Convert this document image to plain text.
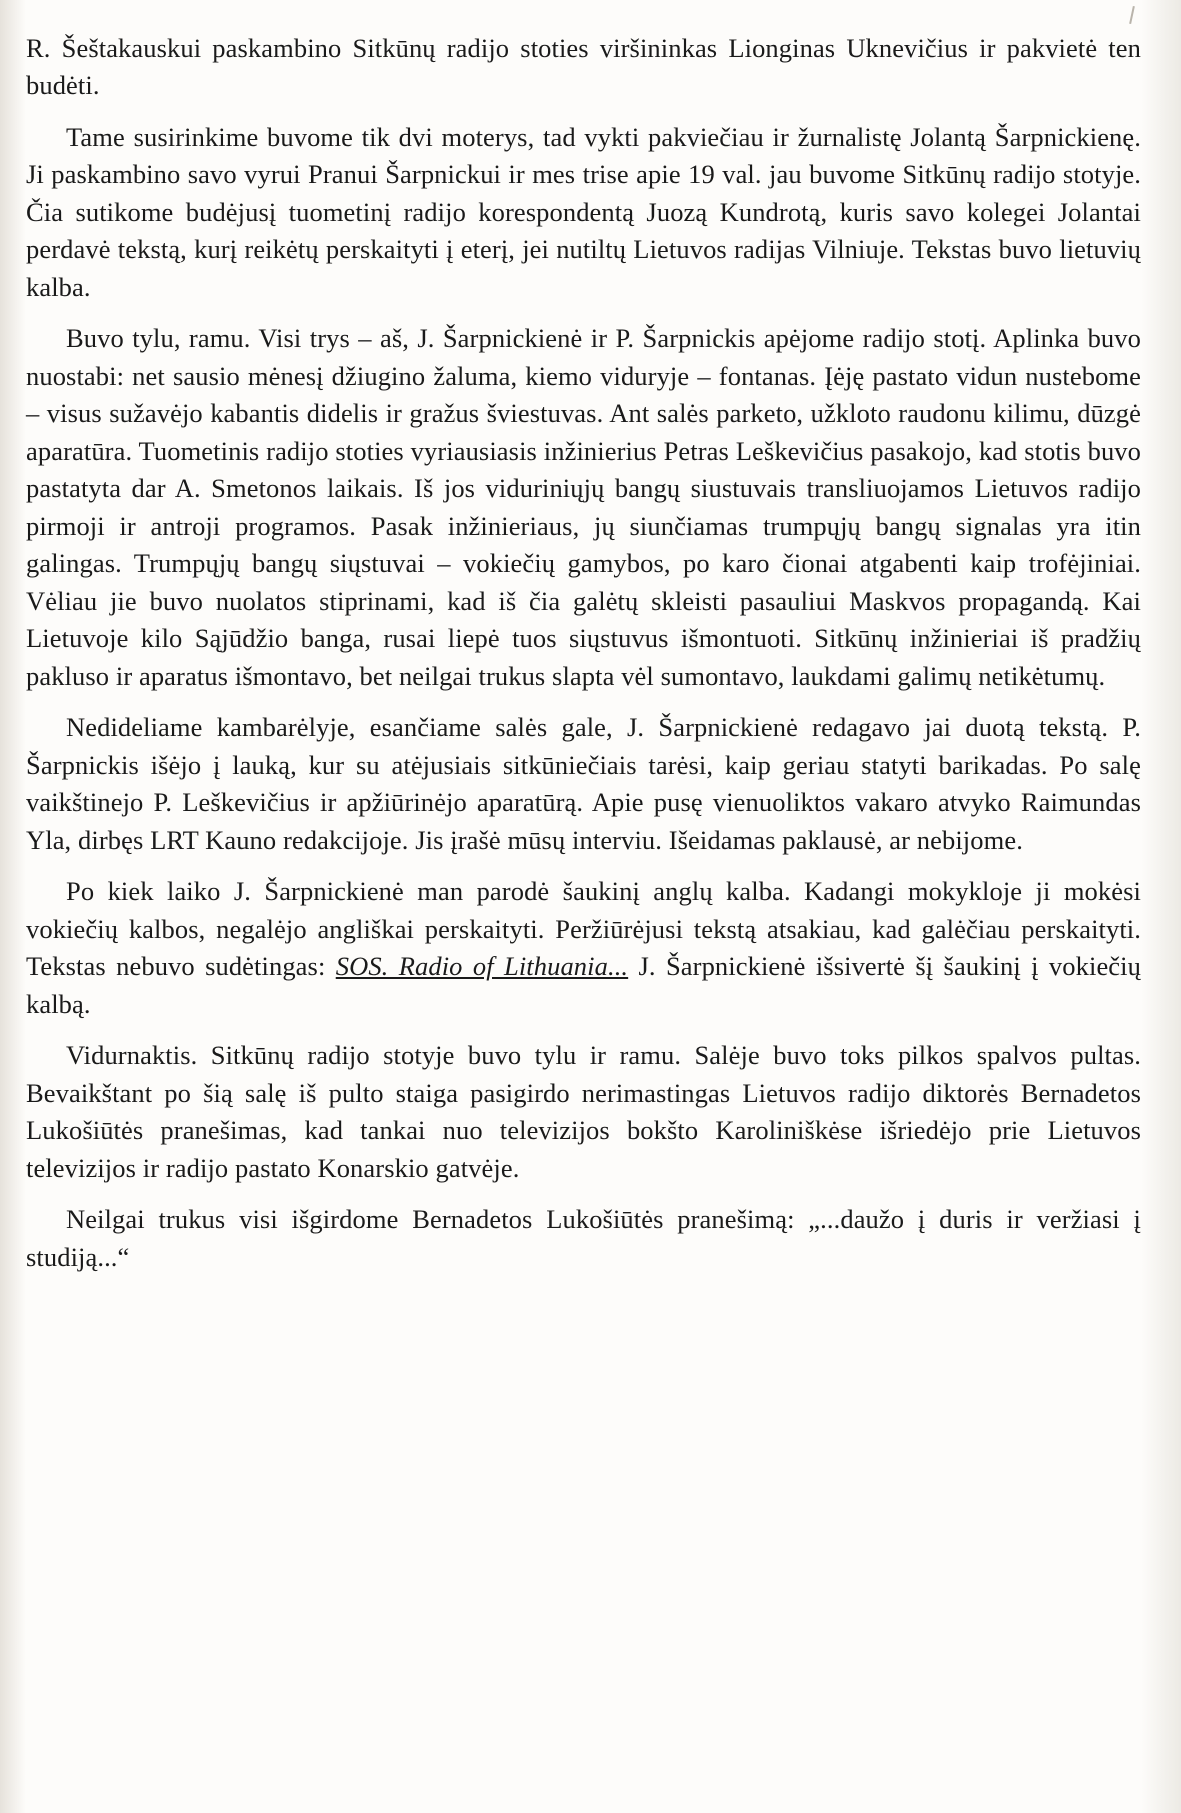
R. Šeštakauskui paskambino Sitkūnų radijo stoties viršininkas Lionginas Uknevičius ir pakvietė ten budėti.

Tame susirinkime buvome tik dvi moterys, tad vykti pakviečiau ir žurnalistę Jolantą Šarpnickienę. Ji paskambino savo vyrui Pranui Šarpnickui ir mes trise apie 19 val. jau buvome Sitkūnų radijo stotyje. Čia sutikome budėjusį tuometinį radijo korespondentą Juozą Kundrotą, kuris savo kolegei Jolantai perdavė tekstą, kurį reikėtų perskaityti į eterį, jei nutiltų Lietuvos radijas Vilniuje. Tekstas buvo lietuvių kalba.

Buvo tylu, ramu. Visi trys – aš, J. Šarpnickienė ir P. Šarpnickis apėjome radijo stotį. Aplinka buvo nuostabi: net sausio mėnesį džiugino žaluma, kiemo viduryje – fontanas. Įėję pastato vidun nustebome – visus sužavėjo kabantis didelis ir gražus šviestuvas. Ant salės parketo, užkloto raudonu kilimu, dūzgė aparatūra. Tuometinis radijo stoties vyriausiasis inžinierius Petras Leškevičius pasakojo, kad stotis buvo pastatyta dar A. Smetonos laikais. Iš jos viduriniųjų bangų siustuvais transliuojamos Lietuvos radijo pirmoji ir antroji programos. Pasak inžinieriaus, jų siunčiamas trumpųjų bangų signalas yra itin galingas. Trumpųjų bangų siųstuvai – vokiečių gamybos, po karo čionai atgabenti kaip trofėjiniai. Vėliau jie buvo nuolatos stiprinami, kad iš čia galėtų skleisti pasauliui Maskvos propagandą. Kai Lietuvoje kilo Sąjūdžio banga, rusai liepė tuos siųstuvus išmontuoti. Sitkūnų inžinieriai iš pradžių pakluso ir aparatus išmontavo, bet neilgai trukus slapta vėl sumontavo, laukdami galimų netikėtumų.

Nedideliame kambarėlyje, esančiame salės gale, J. Šarpnickienė redagavo jai duotą tekstą. P. Šarpnickis išėjo į lauką, kur su atėjusiais sitkūniečiais tarėsi, kaip geriau statyti barikadas. Po salę vaikštinejo P. Leškevičius ir apžiūrinėjo aparatūrą. Apie pusę vienuoliktos vakaro atvyko Raimundas Yla, dirbęs LRT Kauno redakcijoje. Jis įrašė mūsų interviu. Išeidamas paklausė, ar nebijome.

Po kiek laiko J. Šarpnickienė man parodė šaukinį anglų kalba. Kadangi mokykloje ji mokėsi vokiečių kalbos, negalėjo angliškai perskaityti. Peržiūrėjusi tekstą atsakiau, kad galėčiau perskaityti. Tekstas nebuvo sudėtingas: SOS. Radio of Lithuania... J. Šarpnickienė išsivertė šį šaukinį į vokiečių kalbą.

Vidurnaktis. Sitkūnų radijo stotyje buvo tylu ir ramu. Salėje buvo toks pilkos spalvos pultas. Bevaikštant po šią salę iš pulto staiga pasigirdo nerimastingas Lietuvos radijo diktorės Bernadetos Lukošiūtės pranešimas, kad tankai nuo televizijos bokšto Karoliniškėse išriedėjo prie Lietuvos televizijos ir radijo pastato Konarskio gatvėje.

Neilgai trukus visi išgirdome Bernadetos Lukošiūtės pranešimą: „...daužo į duris ir veržiasi į studiją...“
